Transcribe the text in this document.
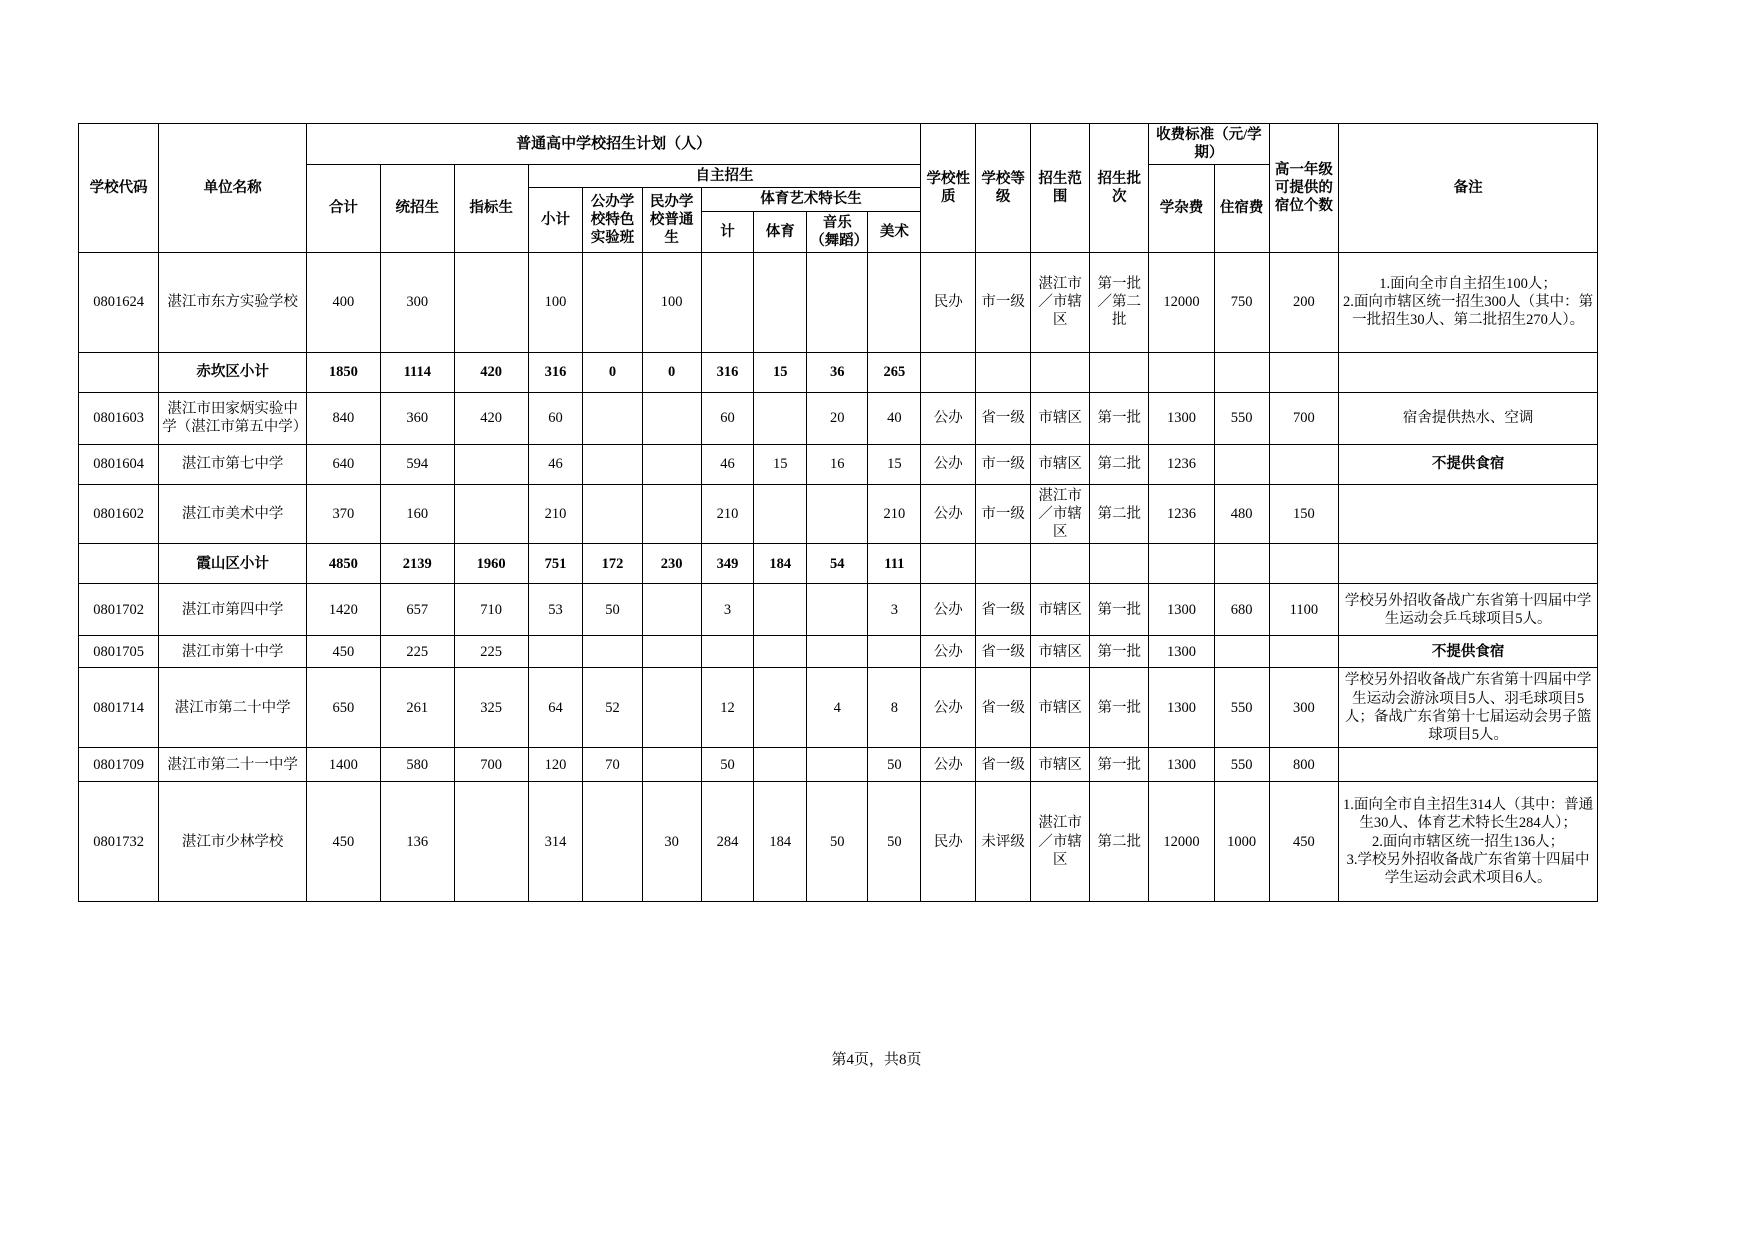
学校代码	单位名称	普通高中学校招生计划（人）										学校性质	学校等级	招生范围	招生批次	收费标准（元/学期）		高一年级可提供的宿位个数	备注
		合计	统招生	指标生	自主招生											学杂费	住宿费		
					小计	公办学校特色实验班	民办学校普通生	体育艺术特长生											
								计	体育	音乐（舞蹈）	美术								
0801624	湛江市东方实验学校	400	300		100		100					民办	市一级	湛江市／市辖区	第一批／第二批	12000	750	200	1.面向全市自主招生100人；
2.面向市辖区统一招生300人（其中：第一批招生30人、第二批招生270人）。
	赤坎区小计	1850	1114	420	316	0	0	316	15	36	265								
0801603	湛江市田家炳实验中学（湛江市第五中学）	840	360	420	60			60		20	40	公办	省一级	市辖区	第一批	1300	550	700	宿舍提供热水、空调
0801604	湛江市第七中学	640	594		46			46	15	16	15	公办	市一级	市辖区	第二批	1236			不提供食宿
0801602	湛江市美术中学	370	160		210			210			210	公办	市一级	湛江市／市辖区	第二批	1236	480	150	
	霞山区小计	4850	2139	1960	751	172	230	349	184	54	111								
0801702	湛江市第四中学	1420	657	710	53	50		3			3	公办	省一级	市辖区	第一批	1300	680	1100	学校另外招收备战广东省第十四届中学生运动会乒乓球项目5人。
0801705	湛江市第十中学	450	225	225								公办	省一级	市辖区	第一批	1300			不提供食宿
0801714	湛江市第二十中学	650	261	325	64	52		12		4	8	公办	省一级	市辖区	第一批	1300	550	300	学校另外招收备战广东省第十四届中学生运动会游泳项目5人、羽毛球项目5人；备战广东省第十七届运动会男子篮球项目5人。
0801709	湛江市第二十一中学	1400	580	700	120	70		50			50	公办	省一级	市辖区	第一批	1300	550	800	
0801732	湛江市少林学校	450	136		314		30	284	184	50	50	民办	未评级	湛江市／市辖区	第二批	12000	1000	450	1.面向全市自主招生314人（其中：普通生30人、体育艺术特长生284人）；
2.面向市辖区统一招生136人；
3.学校另外招收备战广东省第十四届中学生运动会武术项目6人。
第4页，共8页
